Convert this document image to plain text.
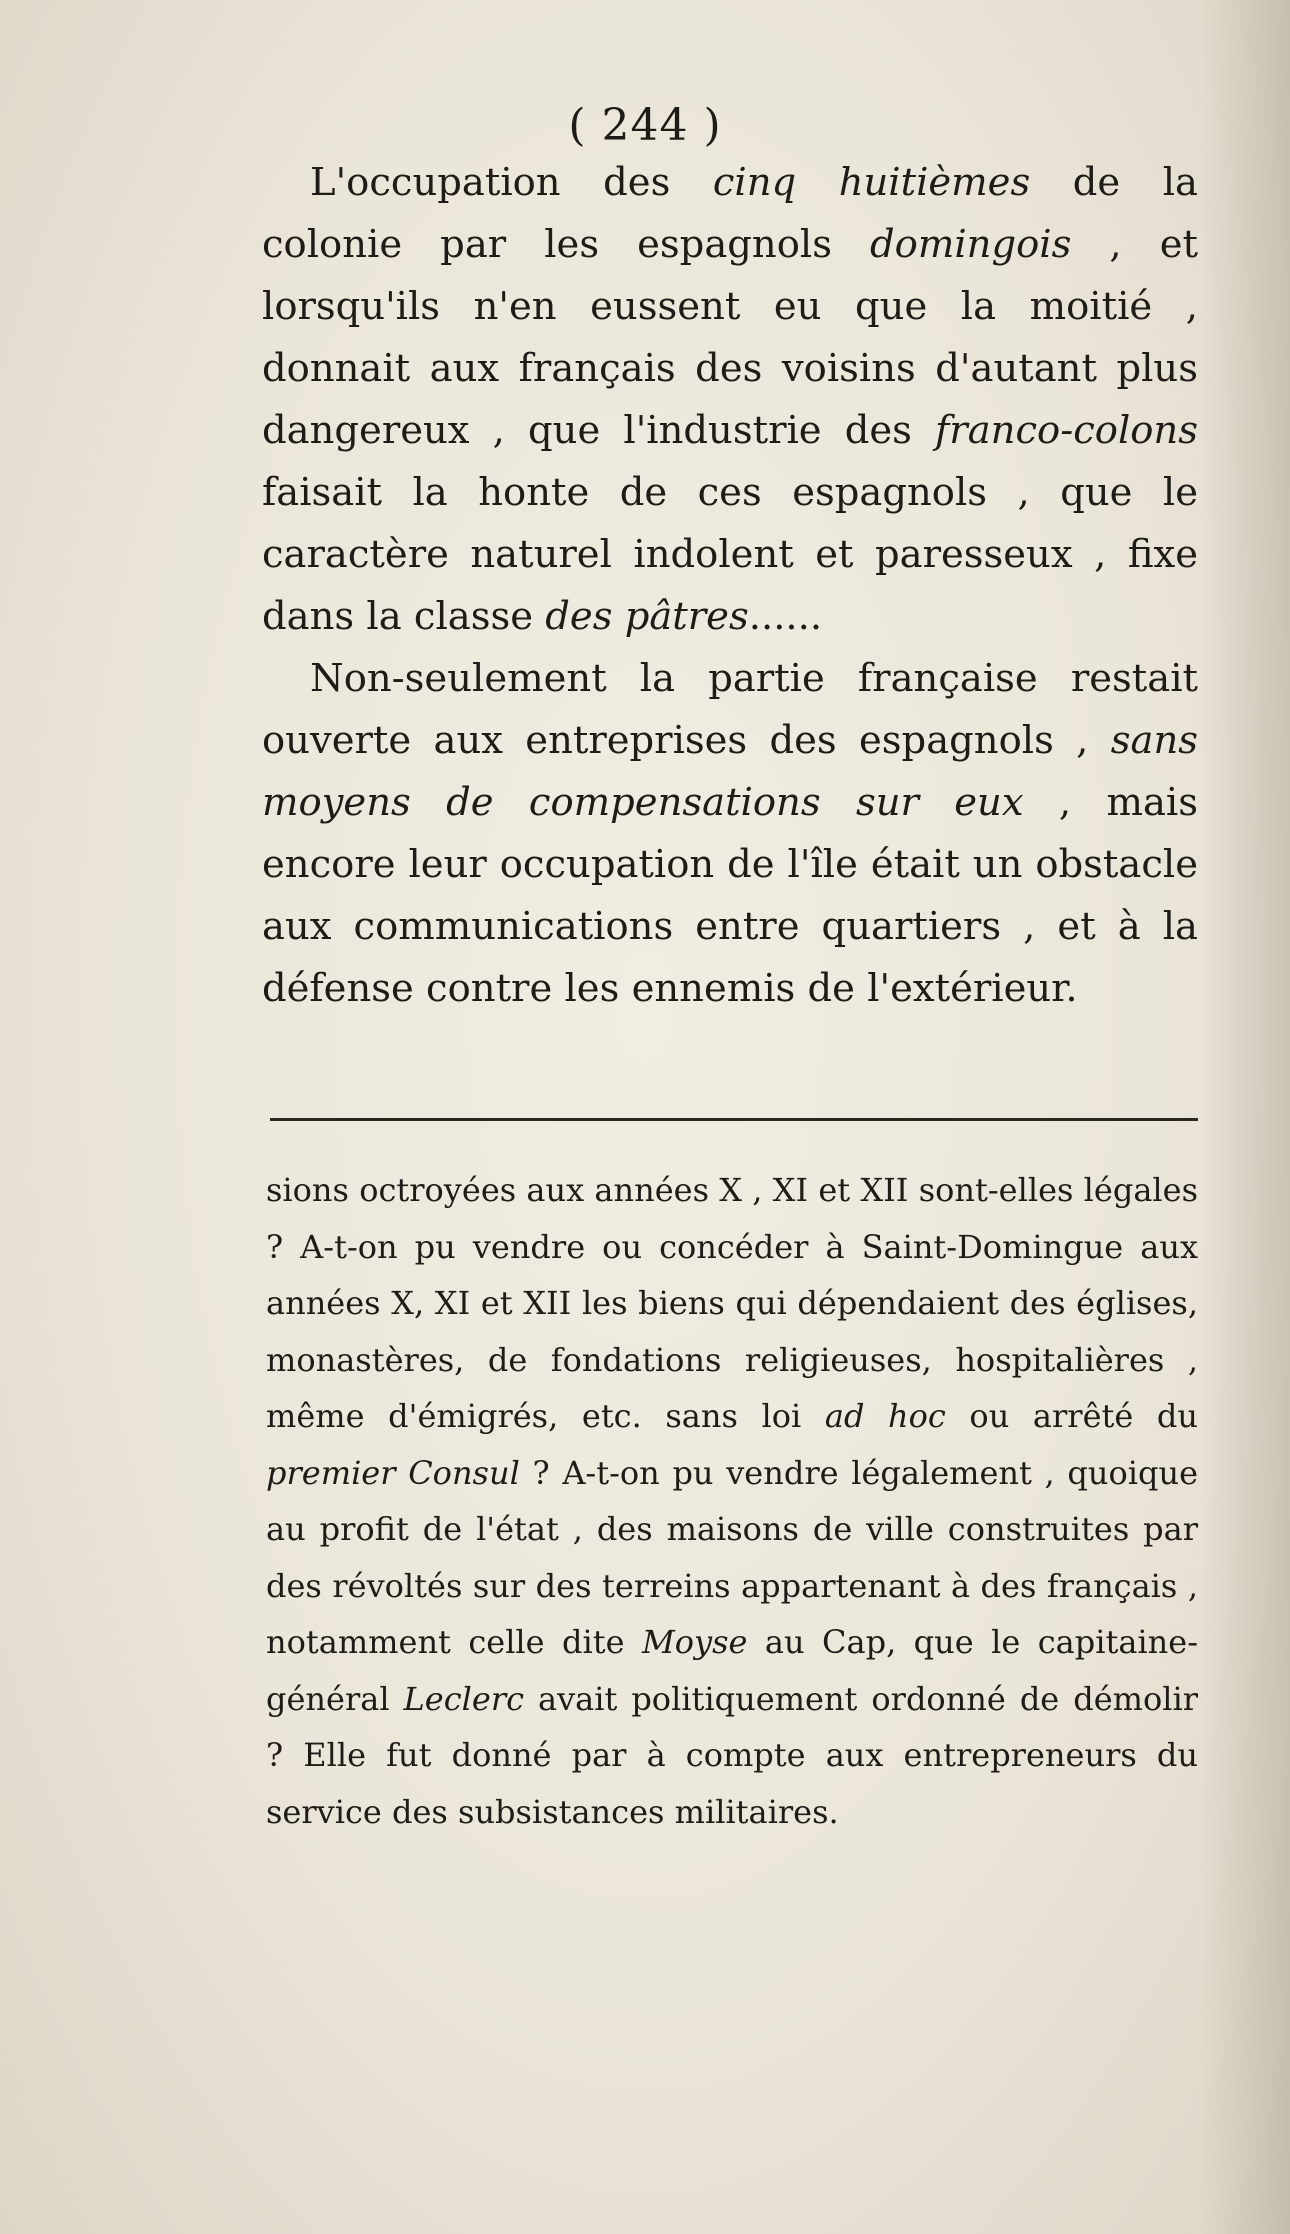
( 244 )

L'occupation des cinq huitièmes de la colonie par les espagnols domingois , et lorsqu'ils n'en eussent eu que la moitié , donnait aux français des voisins d'autant plus dangereux , que l'industrie des franco-colons faisait la honte de ces espagnols , que le caractère naturel indolent et paresseux , fixe dans la classe des pâtres......

Non-seulement la partie française restait ouverte aux entreprises des espagnols , sans moyens de compensations sur eux , mais encore leur occupation de l'île était un obstacle aux communications entre quartiers , et à la défense contre les ennemis de l'extérieur.

sions octroyées aux années X , XI et XII sont-elles légales ? A-t-on pu vendre ou concéder à Saint-Domingue aux années X, XI et XII les biens qui dépendaient des églises, monastères, de fondations religieuses, hospitalières , même d'émigrés, etc. sans loi ad hoc ou arrêté du premier Consul ? A-t-on pu vendre légalement , quoique au profit de l'état , des maisons de ville construites par des révoltés sur des terreins appartenant à des français , notamment celle dite Moyse au Cap, que le capitaine-général Leclerc avait politiquement ordonné de démolir ? Elle fut donné par à compte aux entrepreneurs du service des subsistances militaires.
